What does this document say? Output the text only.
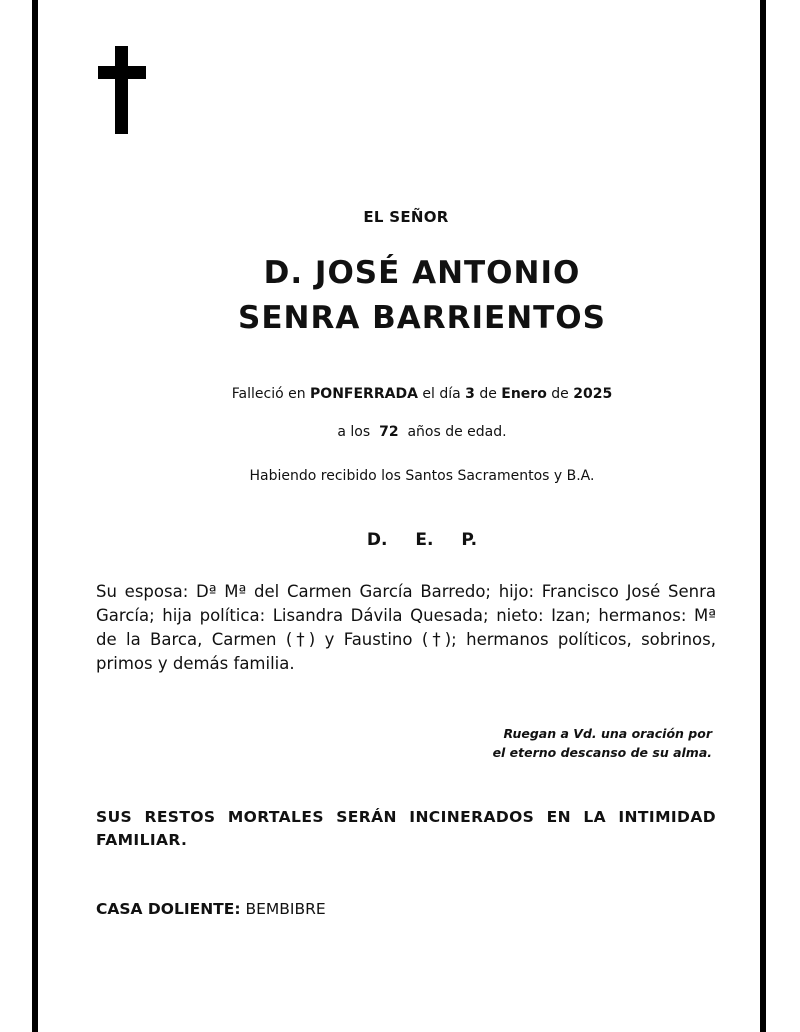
EL SEÑOR
D. JOSÉ ANTONIO
SENRA BARRIENTOS
Falleció en PONFERRADA el día 3 de Enero de 2025
a los 72 años de edad.
Habiendo recibido los Santos Sacramentos y B.A.
D. E. P.
Su esposa: Dª Mª del Carmen García Barredo; hijo: Francisco José Senra García; hija política: Lisandra Dávila Quesada; nieto: Izan; hermanos: Mª de la Barca, Carmen (†) y Faustino (†); hermanos políticos, sobrinos, primos y demás familia.
Ruegan a Vd. una oración por
el eterno descanso de su alma.
SUS RESTOS MORTALES SERÁN INCINERADOS EN LA INTIMIDAD FAMILIAR.
CASA DOLIENTE: BEMBIBRE
